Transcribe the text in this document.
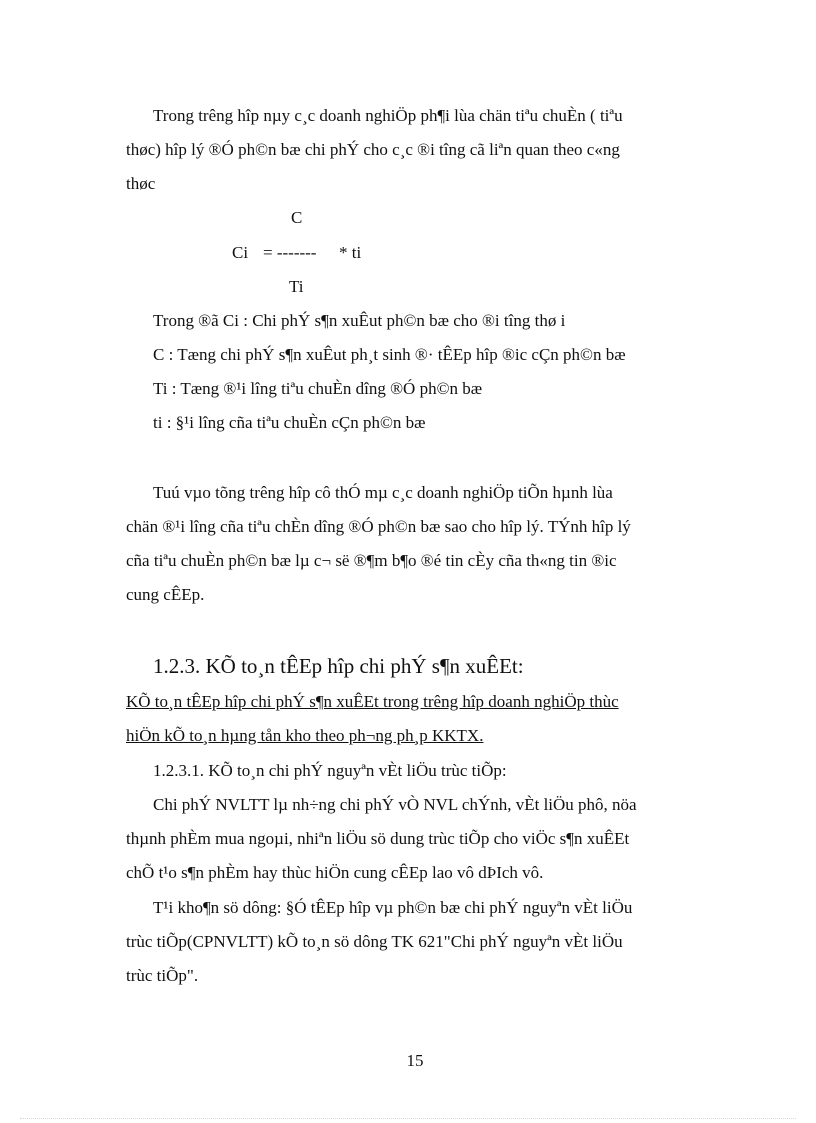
Trong trêng hîp nµy c¸c doanh nghiÖp ph¶i lùa chän tiªu chuÈn ( tiªu
thøc) hîp lý ®Ó ph©n bæ chi phÝ cho c¸c ®i tîng cã liªn quan theo c«ng
thøc
C
Ci = ------- * ti
Ti
Trong ®ã Ci : Chi phÝ s¶n xuÊut ph©n bæ cho ®i tîng thø i
C : Tæng chi phÝ s¶n xuÊut ph¸t sinh ®· tÊEp hîp ®ic cÇn ph©n bæ
Ti : Tæng ®¹i lîng tiªu chuÈn dîng ®Ó ph©n bæ
ti : §¹i lîng cña tiªu chuÈn cÇn ph©n bæ
Tuú vµo tõng trêng hîp cô thÓ mµ c¸c doanh nghiÖp tiÕn hµnh lùa
chän ®¹i lîng cña tiªu chÈn dîng ®Ó ph©n bæ sao cho hîp lý. TÝnh hîp lý
cña tiªu chuÈn ph©n bæ lµ c¬ së ®¶m b¶o ®é tin cÈy cña th«ng tin ®ic
cung cÊEp.
1.2.3. KÕ to¸n tÊEp hîp chi phÝ s¶n xuÊEt:
KÕ to¸n tÊEp hîp chi phÝ s¶n xuÊEt trong trêng hîp doanh nghiÖp thùc
hiÖn kÕ to¸n hµng tån kho theo ph¬ng ph¸p KKTX.
1.2.3.1. KÕ to¸n chi phÝ nguyªn vÈt liÖu trùc tiÕp:
Chi phÝ NVLTT lµ nh÷ng chi phÝ vÒ NVL chÝnh, vÈt liÖu phô, nöa
thµnh phÈm mua ngoµi, nhiªn liÖu sö dung trùc tiÕp cho viÖc s¶n xuÊEt
chÕ t¹o s¶n phÈm hay thùc hiÖn cung cÊEp lao vô dÞIch vô.
T¹i kho¶n sö dông: §Ó tÊEp hîp vµ ph©n bæ chi phÝ nguyªn vÈt liÖu
trùc tiÕp(CPNVLTT) kÕ to¸n sö dông TK 621"Chi phÝ nguyªn vÈt liÖu
trùc tiÕp".
15
